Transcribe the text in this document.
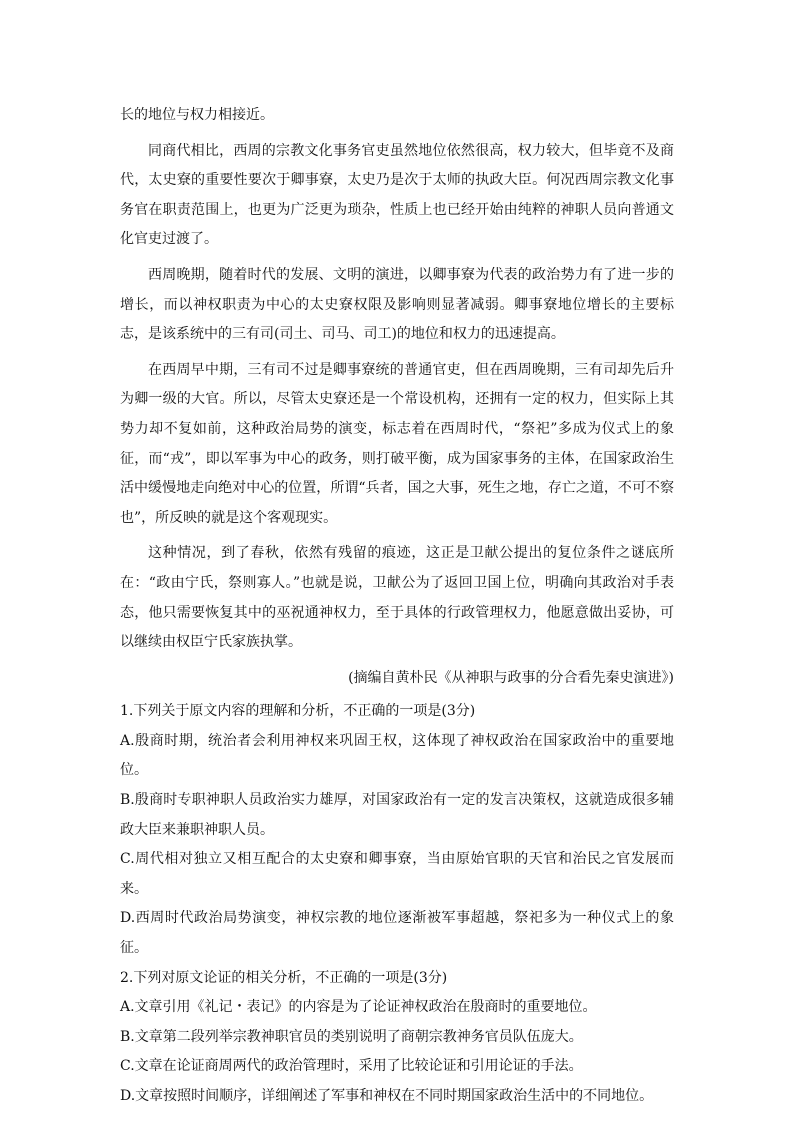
长的地位与权力相接近。

同商代相比，西周的宗教文化事务官吏虽然地位依然很高，权力较大，但毕竟不及商代，太史寮的重要性要次于卿事寮，太史乃是次于太师的执政大臣。何况西周宗教文化事务官在职责范围上，也更为广泛更为琐杂，性质上也已经开始由纯粹的神职人员向普通文化官吏过渡了。

西周晚期，随着时代的发展、文明的演进，以卿事寮为代表的政治势力有了进一步的增长，而以神权职责为中心的太史寮权限及影响则显著减弱。卿事寮地位增长的主要标志，是该系统中的三有司(司土、司马、司工)的地位和权力的迅速提高。

在西周早中期，三有司不过是卿事寮统的普通官吏，但在西周晚期，三有司却先后升为卿一级的大官。所以，尽管太史寮还是一个常设机构，还拥有一定的权力，但实际上其势力却不复如前，这种政治局势的演变，标志着在西周时代，“祭祀”多成为仪式上的象征，而“戎”，即以军事为中心的政务，则打破平衡，成为国家事务的主体，在国家政治生活中缓慢地走向绝对中心的位置，所谓“兵者，国之大事，死生之地，存亡之道，不可不察也”，所反映的就是这个客观现实。

这种情况，到了春秋，依然有残留的痕迹，这正是卫献公提出的复位条件之谜底所在：“政由宁氏，祭则寡人。”也就是说，卫献公为了返回卫国上位，明确向其政治对手表态，他只需要恢复其中的巫祝通神权力，至于具体的行政管理权力，他愿意做出妥协，可以继续由权臣宁氏家族执掌。

(摘编自黄朴民《从神职与政事的分合看先秦史演进》)

1.下列关于原文内容的理解和分析，不正确的一项是(3分)

A.殷商时期，统治者会利用神权来巩固王权，这体现了神权政治在国家政治中的重要地位。

B.殷商时专职神职人员政治实力雄厚，对国家政治有一定的发言决策权，这就造成很多辅政大臣来兼职神职人员。

C.周代相对独立又相互配合的太史寮和卿事寮，当由原始官职的天官和治民之官发展而来。

D.西周时代政治局势演变，神权宗教的地位逐渐被军事超越，祭祀多为一种仪式上的象征。

2.下列对原文论证的相关分析，不正确的一项是(3分)

A.文章引用《礼记・表记》的内容是为了论证神权政治在殷商时的重要地位。

B.文章第二段列举宗教神职官员的类别说明了商朝宗教神务官员队伍庞大。

C.文章在论证商周两代的政治管理时，采用了比较论证和引用论证的手法。

D.文章按照时间顺序，详细阐述了军事和神权在不同时期国家政治生活中的不同地位。
